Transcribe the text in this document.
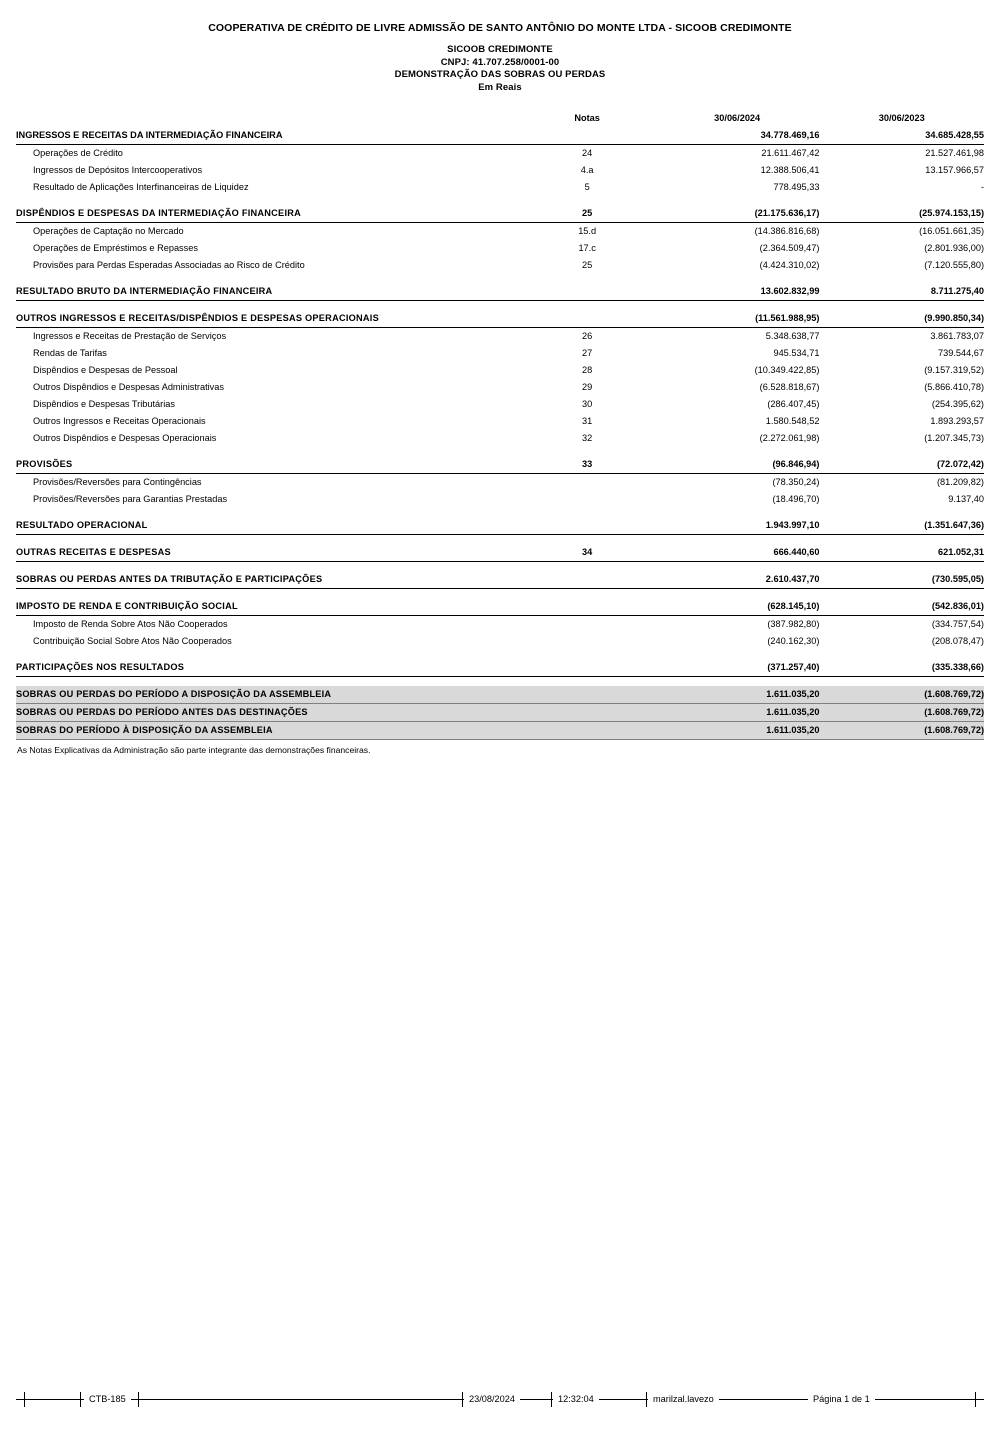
COOPERATIVA DE CRÉDITO DE LIVRE ADMISSÃO DE SANTO ANTÔNIO DO MONTE LTDA - SICOOB CREDIMONTE
SICOOB CREDIMONTE
CNPJ: 41.707.258/0001-00
DEMONSTRAÇÃO DAS SOBRAS OU PERDAS
Em Reais
	Notas	30/06/2024	30/06/2023
INGRESSOS E RECEITAS DA INTERMEDIAÇÃO FINANCEIRA		34.778.469,16	34.685.428,55
Operações de Crédito	24	21.611.467,42	21.527.461,98
Ingressos de Depósitos Intercooperativos	4.a	12.388.506,41	13.157.966,57
Resultado de Aplicações Interfinanceiras de Liquidez	5	778.495,33	-

DISPÊNDIOS E DESPESAS DA INTERMEDIAÇÃO FINANCEIRA	25	(21.175.636,17)	(25.974.153,15)
Operações de Captação no Mercado	15.d	(14.386.816,68)	(16.051.661,35)
Operações de Empréstimos e Repasses	17.c	(2.364.509,47)	(2.801.936,00)
Provisões para Perdas Esperadas Associadas ao Risco de Crédito	25	(4.424.310,02)	(7.120.555,80)

RESULTADO BRUTO DA INTERMEDIAÇÃO FINANCEIRA		13.602.832,99	8.711.275,40

OUTROS INGRESSOS E RECEITAS/DISPÊNDIOS E DESPESAS OPERACIONAIS		(11.561.988,95)	(9.990.850,34)
Ingressos e Receitas de Prestação de Serviços	26	5.348.638,77	3.861.783,07
Rendas de Tarifas	27	945.534,71	739.544,67
Dispêndios e Despesas de Pessoal	28	(10.349.422,85)	(9.157.319,52)
Outros Dispêndios e Despesas Administrativas	29	(6.528.818,67)	(5.866.410,78)
Dispêndios e Despesas Tributárias	30	(286.407,45)	(254.395,62)
Outros Ingressos e Receitas Operacionais	31	1.580.548,52	1.893.293,57
Outros Dispêndios e Despesas Operacionais	32	(2.272.061,98)	(1.207.345,73)

PROVISÕES	33	(96.846,94)	(72.072,42)
Provisões/Reversões para Contingências		(78.350,24)	(81.209,82)
Provisões/Reversões para Garantias Prestadas		(18.496,70)	9.137,40

RESULTADO OPERACIONAL		1.943.997,10	(1.351.647,36)

OUTRAS RECEITAS E DESPESAS	34	666.440,60	621.052,31

SOBRAS OU PERDAS ANTES DA TRIBUTAÇÃO E PARTICIPAÇÕES		2.610.437,70	(730.595,05)

IMPOSTO DE RENDA E CONTRIBUIÇÃO SOCIAL		(628.145,10)	(542.836,01)
Imposto de Renda Sobre Atos Não Cooperados		(387.982,80)	(334.757,54)
Contribuição Social Sobre Atos Não Cooperados		(240.162,30)	(208.078,47)

PARTICIPAÇÕES NOS RESULTADOS		(371.257,40)	(335.338,66)

SOBRAS OU PERDAS DO PERÍODO A DISPOSIÇÃO DA ASSEMBLEIA		1.611.035,20	(1.608.769,72)
SOBRAS OU PERDAS DO PERÍODO ANTES DAS DESTINAÇÕES		1.611.035,20	(1.608.769,72)
SOBRAS DO PERÍODO À DISPOSIÇÃO DA ASSEMBLEIA		1.611.035,20	(1.608.769,72)
As Notas Explicativas da Administração são parte integrante das demonstrações financeiras.
CTB-185	23/08/2024	12:32:04	marilzal.lavezo	Página 1 de 1
